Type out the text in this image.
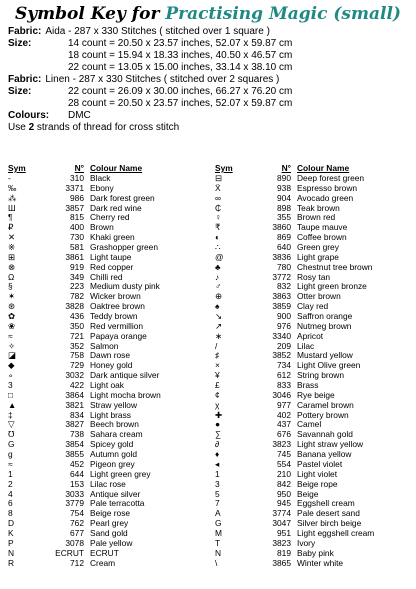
Symbol Key for Practising Magic (small)
Fabric: Aida - 287 x 330 Stitches ( stitched over 1 square )
Size:	14 count = 20.50 x 23.57 inches, 52.07 x 59.87 cm
18 count = 15.94 x 18.33 inches, 40.50 x 46.57 cm
22 count = 13.05 x 15.00 inches, 33.14 x 38.10 cm
Fabric: Linen - 287 x 330 Stitches ( stitched over 2 squares )
Size:	22 count = 26.09 x 30.00 inches, 66.27 x 76.20 cm
28 count = 20.50 x 23.57 inches, 52.07 x 59.87 cm
Colours:	DMC
Use 2 strands of thread for cross stitch
Sym	N° Colour Name
-	310 Black
‰	3371 Ebony
⁂	986 Dark forest green
Ш	3857 Dark red wine
¶	815 Cherry red
₽	400 Brown
✕	730 Khaki green
※	581 Grashopper green
⊞	3861 Light taupe
⊗	919 Red copper
Ω	349 Chilli red
§	223 Medium dusty pink
✶	782 Wicker brown
⊛	3828 Oaktree brown
✿	436 Teddy brown
❀	350 Red vermillion
≈	721 Papaya orange
✧	352 Salmon
◪	758 Dawn rose
◆	729 Honey gold
∘	3032 Dark antique silver
3	422 Light oak
□	3864 Light mocha brown
▲	3821 Straw yellow
‡	834 Light brass
▽	3827 Beech brown
℧	738 Sahara cream
G	3854 Spicey gold
g	3855 Autumn gold
≈	452 Pigeon grey
1	644 Light green grey
2	153 Lilac rose
4	3033 Antique silver
6	3779 Pale terracotta
8	754 Beige rose
D	762 Pearl grey
K	677 Sand gold
P	3078 Pale yellow
N	ECRUT ECRUT
R	712 Cream
Sym	N° Colour Name
⊟	890 Deep forest green
Ẍ	938 Espresso brown
∞	904 Avocado green
₵	898 Teak brown
♀	355 Brown red
₹	3860 Taupe mauve
◐	869 Coffee brown
∴	640 Green grey
@	3836 Light grape
♣	780 Chestnut tree brown
♪	3772 Rosy tan
♂	832 Light green bronze
⊕	3863 Otter brown
♠	3859 Clay red
↘	900 Saffron orange
↗	976 Nutmeg brown
∗	3340 Apricot
/	209 Lilac
♯	3852 Mustard yellow
×	734 Light Olive green
¥	612 String brown
£	833 Brass
¢	3046 Rye beige
χ	977 Caramel brown
✚	402 Pottery brown
●	437 Camel
∑	676 Savannah gold
∂	3823 Light straw yellow
♦	745 Banana yellow
◂	554 Pastel violet
1	210 Light violet
3	842 Beige rope
5	950 Beige
7	945 Eggshell cream
A	3774 Pale desert sand
G	3047 Silver birch beige
M	951 Light eggshell cream
T	3823 Ivory
N	819 Baby pink
\	3865 Winter white
